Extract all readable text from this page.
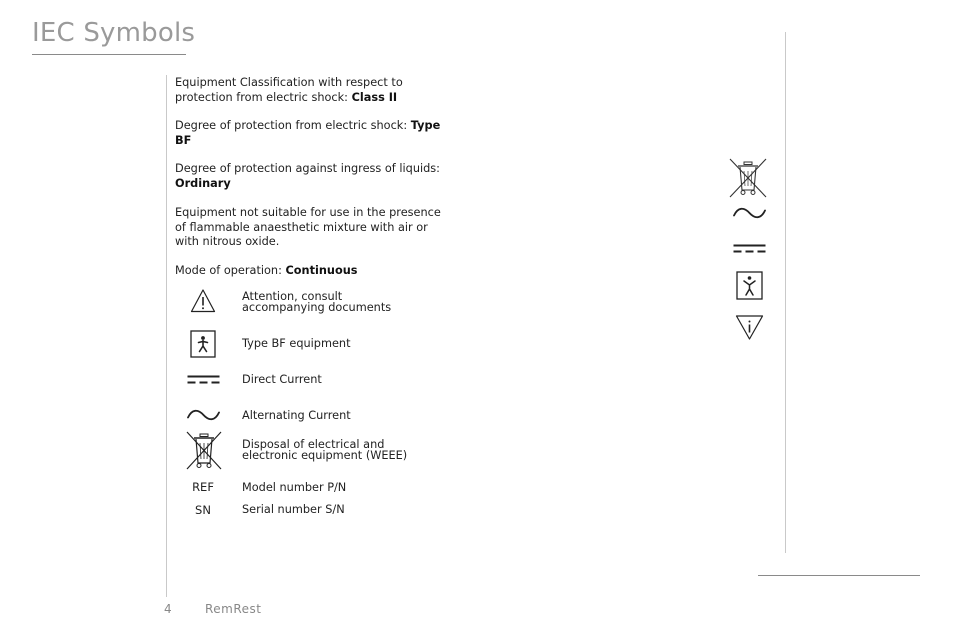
IEC Symbols

Equipment Classification with respect to protection from electric shock: Class II

Degree of protection from electric shock: Type BF

Degree of protection against ingress of liquids: Ordinary

Equipment not suitable for use in the presence of flammable anaesthetic mixture with air or with nitrous oxide.

Mode of operation: Continuous

REF
SN
Attention, consult
accompanying documents
Type BF equipment
Direct Current
Alternating Current
Disposal of electrical and
electronic equipment (WEEE)
Model number P/N
Serial number S/N
4	RemRest
